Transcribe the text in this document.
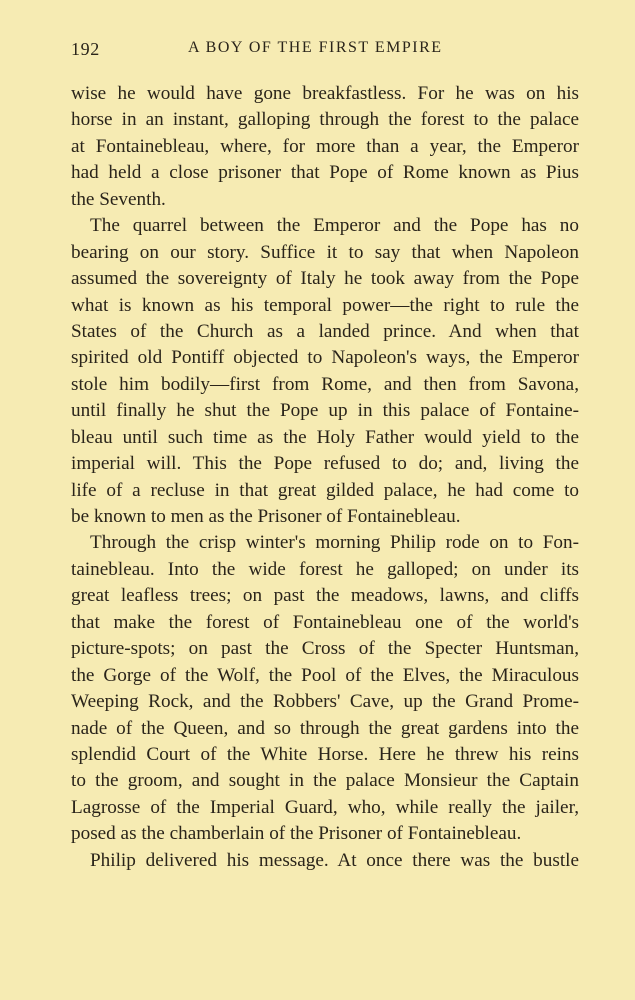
192	A BOY OF THE FIRST EMPIRE
wise he would have gone breakfastless. For he was on his
horse in an instant, galloping through the forest to the palace
at Fontainebleau, where, for more than a year, the Emperor
had held a close prisoner that Pope of Rome known as Pius
the Seventh.
The quarrel between the Emperor and the Pope has no
bearing on our story. Suffice it to say that when Napoleon
assumed the sovereignty of Italy he took away from the Pope
what is known as his temporal power—the right to rule the
States of the Church as a landed prince. And when that
spirited old Pontiff objected to Napoleon's ways, the Emperor
stole him bodily—first from Rome, and then from Savona,
until finally he shut the Pope up in this palace of Fontaine-
bleau until such time as the Holy Father would yield to the
imperial will. This the Pope refused to do; and, living the
life of a recluse in that great gilded palace, he had come to
be known to men as the Prisoner of Fontainebleau.
Through the crisp winter's morning Philip rode on to Fon-
tainebleau. Into the wide forest he galloped; on under its
great leafless trees; on past the meadows, lawns, and cliffs
that make the forest of Fontainebleau one of the world's
picture-spots; on past the Cross of the Specter Huntsman,
the Gorge of the Wolf, the Pool of the Elves, the Miraculous
Weeping Rock, and the Robbers' Cave, up the Grand Prome-
nade of the Queen, and so through the great gardens into the
splendid Court of the White Horse. Here he threw his reins
to the groom, and sought in the palace Monsieur the Captain
Lagrosse of the Imperial Guard, who, while really the jailer,
posed as the chamberlain of the Prisoner of Fontainebleau.
Philip delivered his message. At once there was the bustle
